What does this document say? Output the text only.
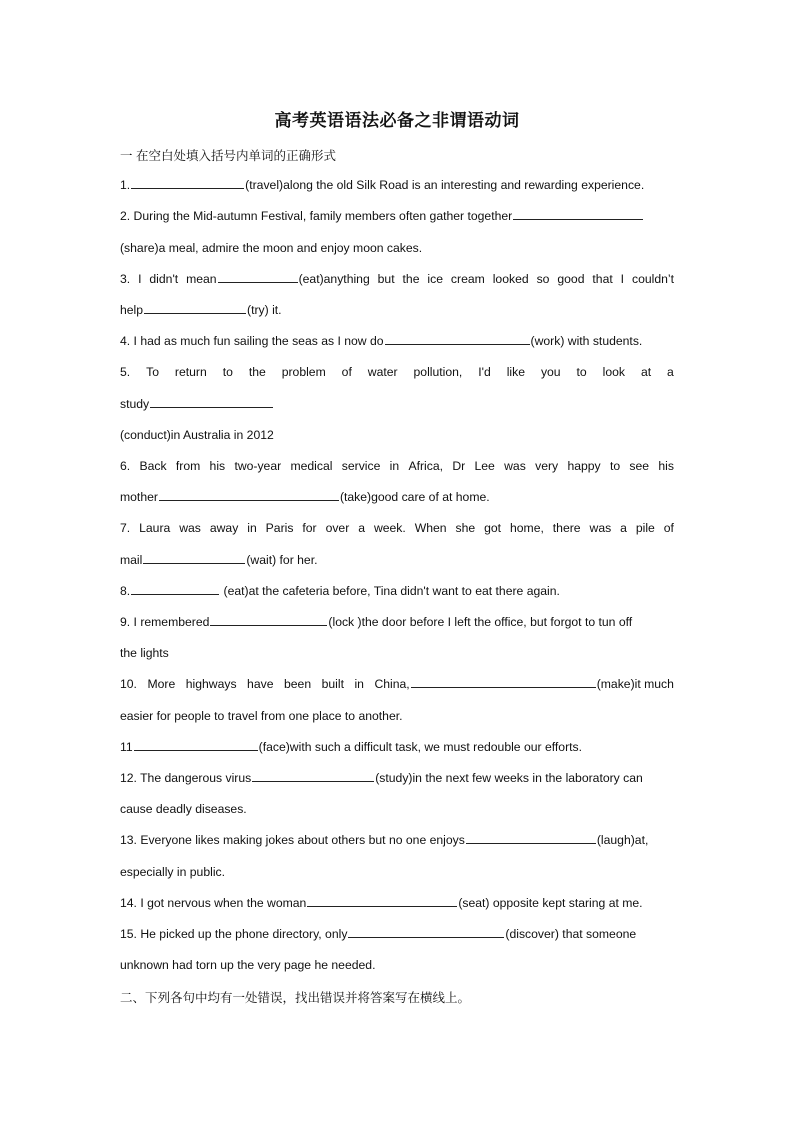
高考英语语法必备之非谓语动词
一 在空白处填入括号内单词的正确形式
1.	(travel)along the old Silk Road is an interesting and rewarding experience.
2. During the Mid-autumn Festival, family members often gather together
(share)a meal, admire the moon and enjoy moon cakes.
3. I didn't mean	(eat)anything but the ice cream looked so good that I couldn’t
help	(try) it.
4. I had as much fun sailing the seas as I now do	(work) with students.
5. To return to the problem of water pollution, I'd like you to look at a
study
(conduct)in Australia in 2012
6. Back from his two-year medical service in Africa, Dr Lee was very happy to see his
mother	(take)good care of at home.
7. Laura was away in Paris for over a week. When she got home, there was a pile of
mail	(wait) for her.
8.	(eat)at the cafeteria before, Tina didn't want to eat there again.
9. I remembered	(lock )the door before I left the office, but forgot to tun off
the lights
10. More highways have been built in China,	(make)it much
easier for people to travel from one place to another.
11	(face)with such a difficult task, we must redouble our efforts.
12. The dangerous virus	(study)in the next few weeks in the laboratory can
cause deadly diseases.
13. Everyone likes making jokes about others but no one enjoys	(laugh)at,
especially in public.
14. I got nervous when the woman	(seat) opposite kept staring at me.
15. He picked up the phone directory, only	(discover) that someone
unknown had torn up the very page he needed.
二、下列各句中均有一处错误，找出错误并将答案写在横线上。
